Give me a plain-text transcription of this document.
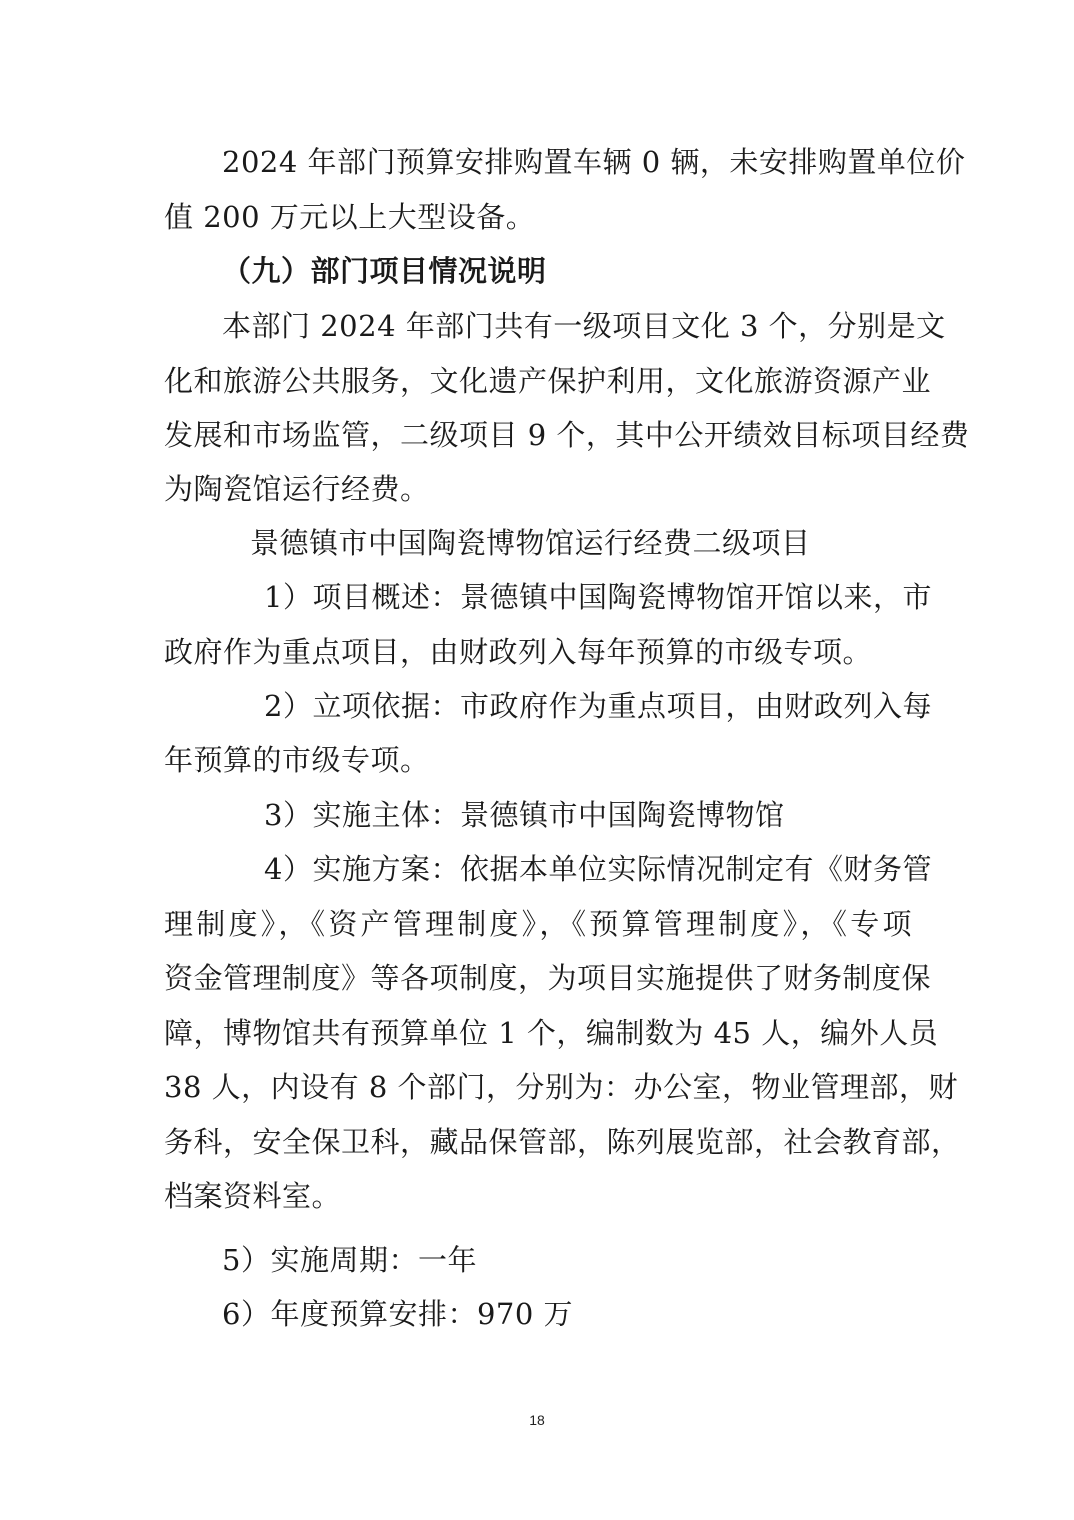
2024 年部门预算安排购置车辆 0 辆，未安排购置单位价
值 200 万元以上大型设备。
（九）部门项目情况说明
本部门 2024 年部门共有一级项目文化 3 个，分别是文
化和旅游公共服务，文化遗产保护利用，文化旅游资源产业
发展和市场监管，二级项目 9 个，其中公开绩效目标项目经费
为陶瓷馆运行经费。
景德镇市中国陶瓷博物馆运行经费二级项目
1）项目概述：景德镇中国陶瓷博物馆开馆以来，市
政府作为重点项目，由财政列入每年预算的市级专项。
2）立项依据：市政府作为重点项目，由财政列入每
年预算的市级专项。
3）实施主体：景德镇市中国陶瓷博物馆
4）实施方案：依据本单位实际情况制定有《财务管
理制度》，《资产管理制度》，《预算管理制度》，《专项
资金管理制度》等各项制度，为项目实施提供了财务制度保
障，博物馆共有预算单位 1 个，编制数为 45 人，编外人员
38 人，内设有 8 个部门，分别为：办公室，物业管理部，财
务科，安全保卫科，藏品保管部，陈列展览部，社会教育部，
档案资料室。
5）实施周期：一年
6）年度预算安排：970 万
18
